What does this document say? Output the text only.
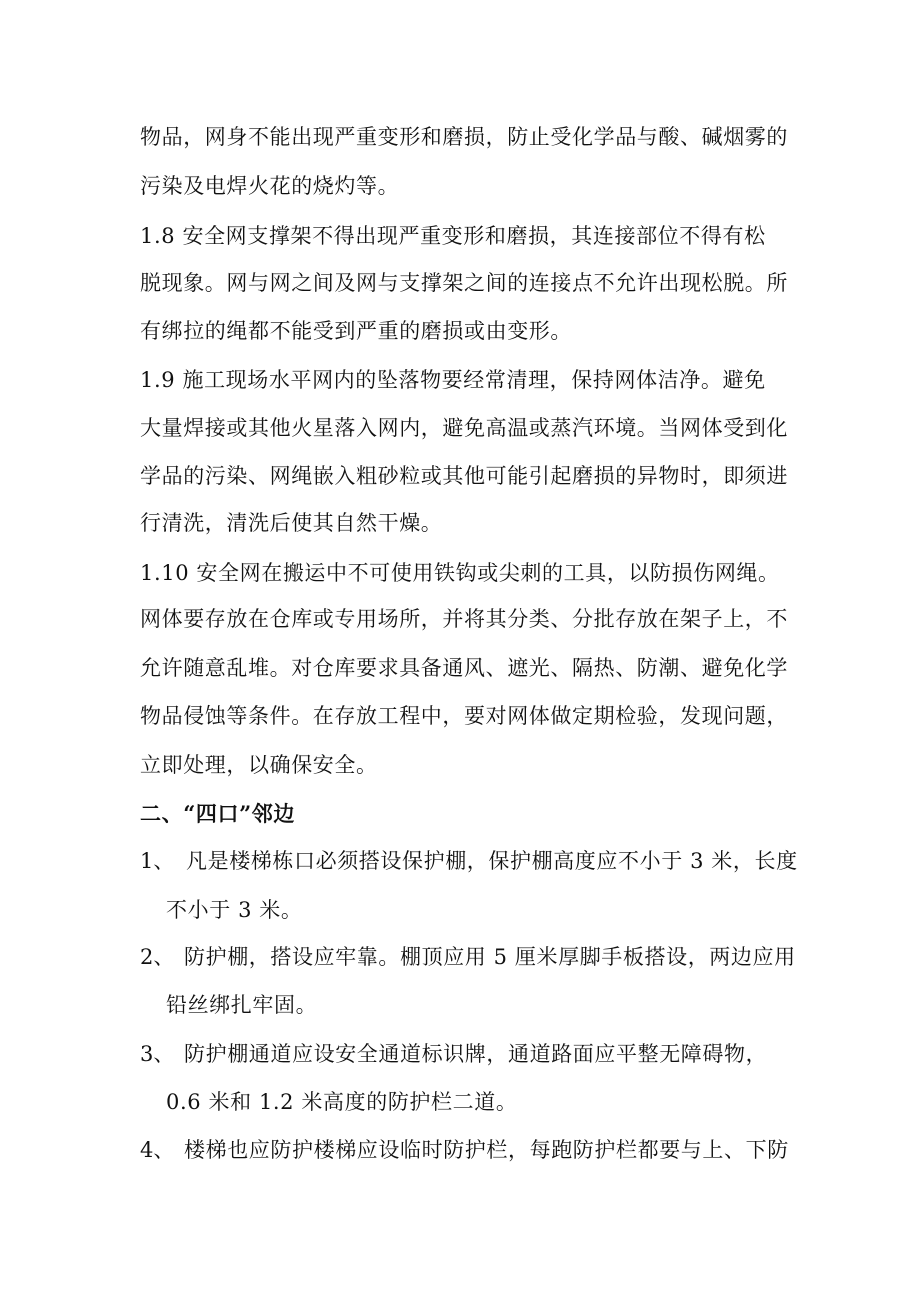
物品，网身不能出现严重变形和磨损，防止受化学品与酸、碱烟雾的
污染及电焊火花的烧灼等。
1.8 安全网支撑架不得出现严重变形和磨损，其连接部位不得有松
脱现象。网与网之间及网与支撑架之间的连接点不允许出现松脱。所
有绑拉的绳都不能受到严重的磨损或由变形。
1.9 施工现场水平网内的坠落物要经常清理，保持网体洁净。避免
大量焊接或其他火星落入网内，避免高温或蒸汽环境。当网体受到化
学品的污染、网绳嵌入粗砂粒或其他可能引起磨损的异物时，即须进
行清洗，清洗后使其自然干燥。
1.10 安全网在搬运中不可使用铁钩或尖刺的工具，以防损伤网绳。
网体要存放在仓库或专用场所，并将其分类、分批存放在架子上，不
允许随意乱堆。对仓库要求具备通风、遮光、隔热、防潮、避免化学
物品侵蚀等条件。在存放工程中，要对网体做定期检验，发现问题，
立即处理，以确保安全。
二、“四口”邻边
1、 凡是楼梯栋口必须搭设保护棚，保护棚高度应不小于 3 米，长度
不小于 3 米。
2、 防护棚，搭设应牢靠。棚顶应用 5 厘米厚脚手板搭设，两边应用
铅丝绑扎牢固。
3、 防护棚通道应设安全通道标识牌，通道路面应平整无障碍物，
0.6 米和 1.2 米高度的防护栏二道。
4、 楼梯也应防护楼梯应设临时防护栏，每跑防护栏都要与上、下防
